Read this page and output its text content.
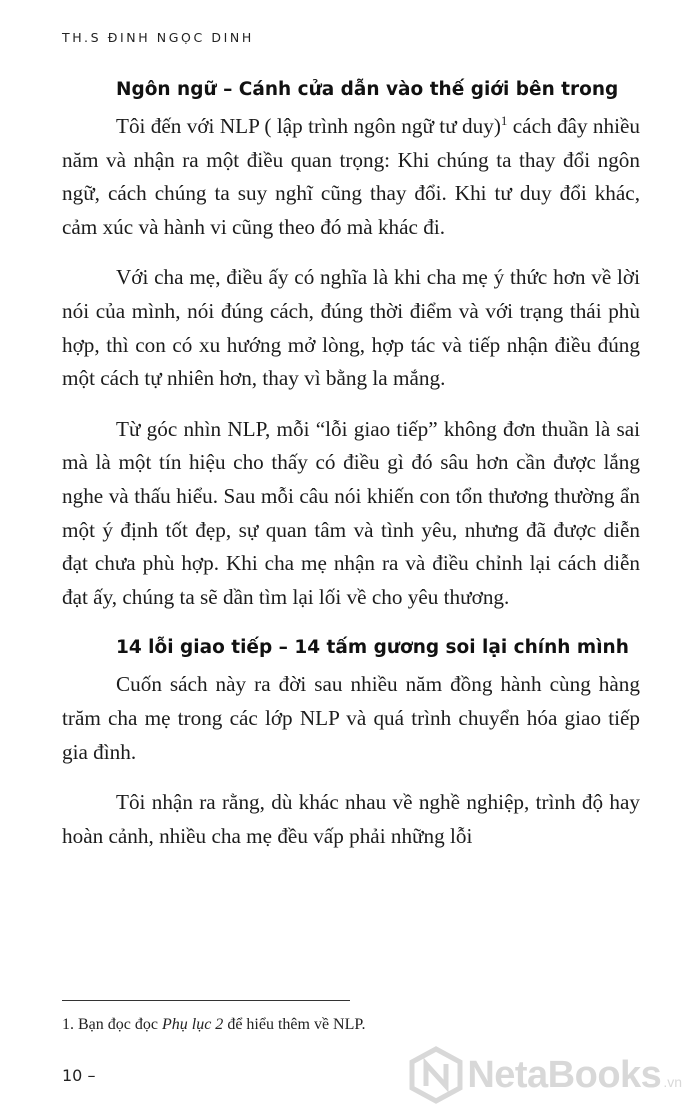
TH.S ĐINH NGỌC DINH
Ngôn ngữ – Cánh cửa dẫn vào thế giới bên trong

Tôi đến với NLP ( lập trình ngôn ngữ tư duy)$^1$ cách đây nhiều năm và nhận ra một điều quan trọng: Khi chúng ta thay đổi ngôn ngữ, cách chúng ta suy nghĩ cũng thay đổi. Khi tư duy đổi khác, cảm xúc và hành vi cũng theo đó mà khác đi.

Với cha mẹ, điều ấy có nghĩa là khi cha mẹ ý thức hơn về lời nói của mình, nói đúng cách, đúng thời điểm và với trạng thái phù hợp, thì con có xu hướng mở lòng, hợp tác và tiếp nhận điều đúng một cách tự nhiên hơn, thay vì bằng la mắng.

Từ góc nhìn NLP, mỗi “lỗi giao tiếp” không đơn thuần là sai mà là một tín hiệu cho thấy có điều gì đó sâu hơn cần được lắng nghe và thấu hiểu. Sau mỗi câu nói khiến con tổn thương thường ẩn một ý định tốt đẹp, sự quan tâm và tình yêu, nhưng đã được diễn đạt chưa phù hợp. Khi cha mẹ nhận ra và điều chỉnh lại cách diễn đạt ấy, chúng ta sẽ dần tìm lại lối về cho yêu thương.

14 lỗi giao tiếp – 14 tấm gương soi lại chính mình

Cuốn sách này ra đời sau nhiều năm đồng hành cùng hàng trăm cha mẹ trong các lớp NLP và quá trình chuyển hóa giao tiếp gia đình.

Tôi nhận ra rằng, dù khác nhau về nghề nghiệp, trình độ hay hoàn cảnh, nhiều cha mẹ đều vấp phải những lỗi

1. Bạn đọc đọc Phụ lục 2 để hiểu thêm về NLP.
10 –	NetaBooks .vn
